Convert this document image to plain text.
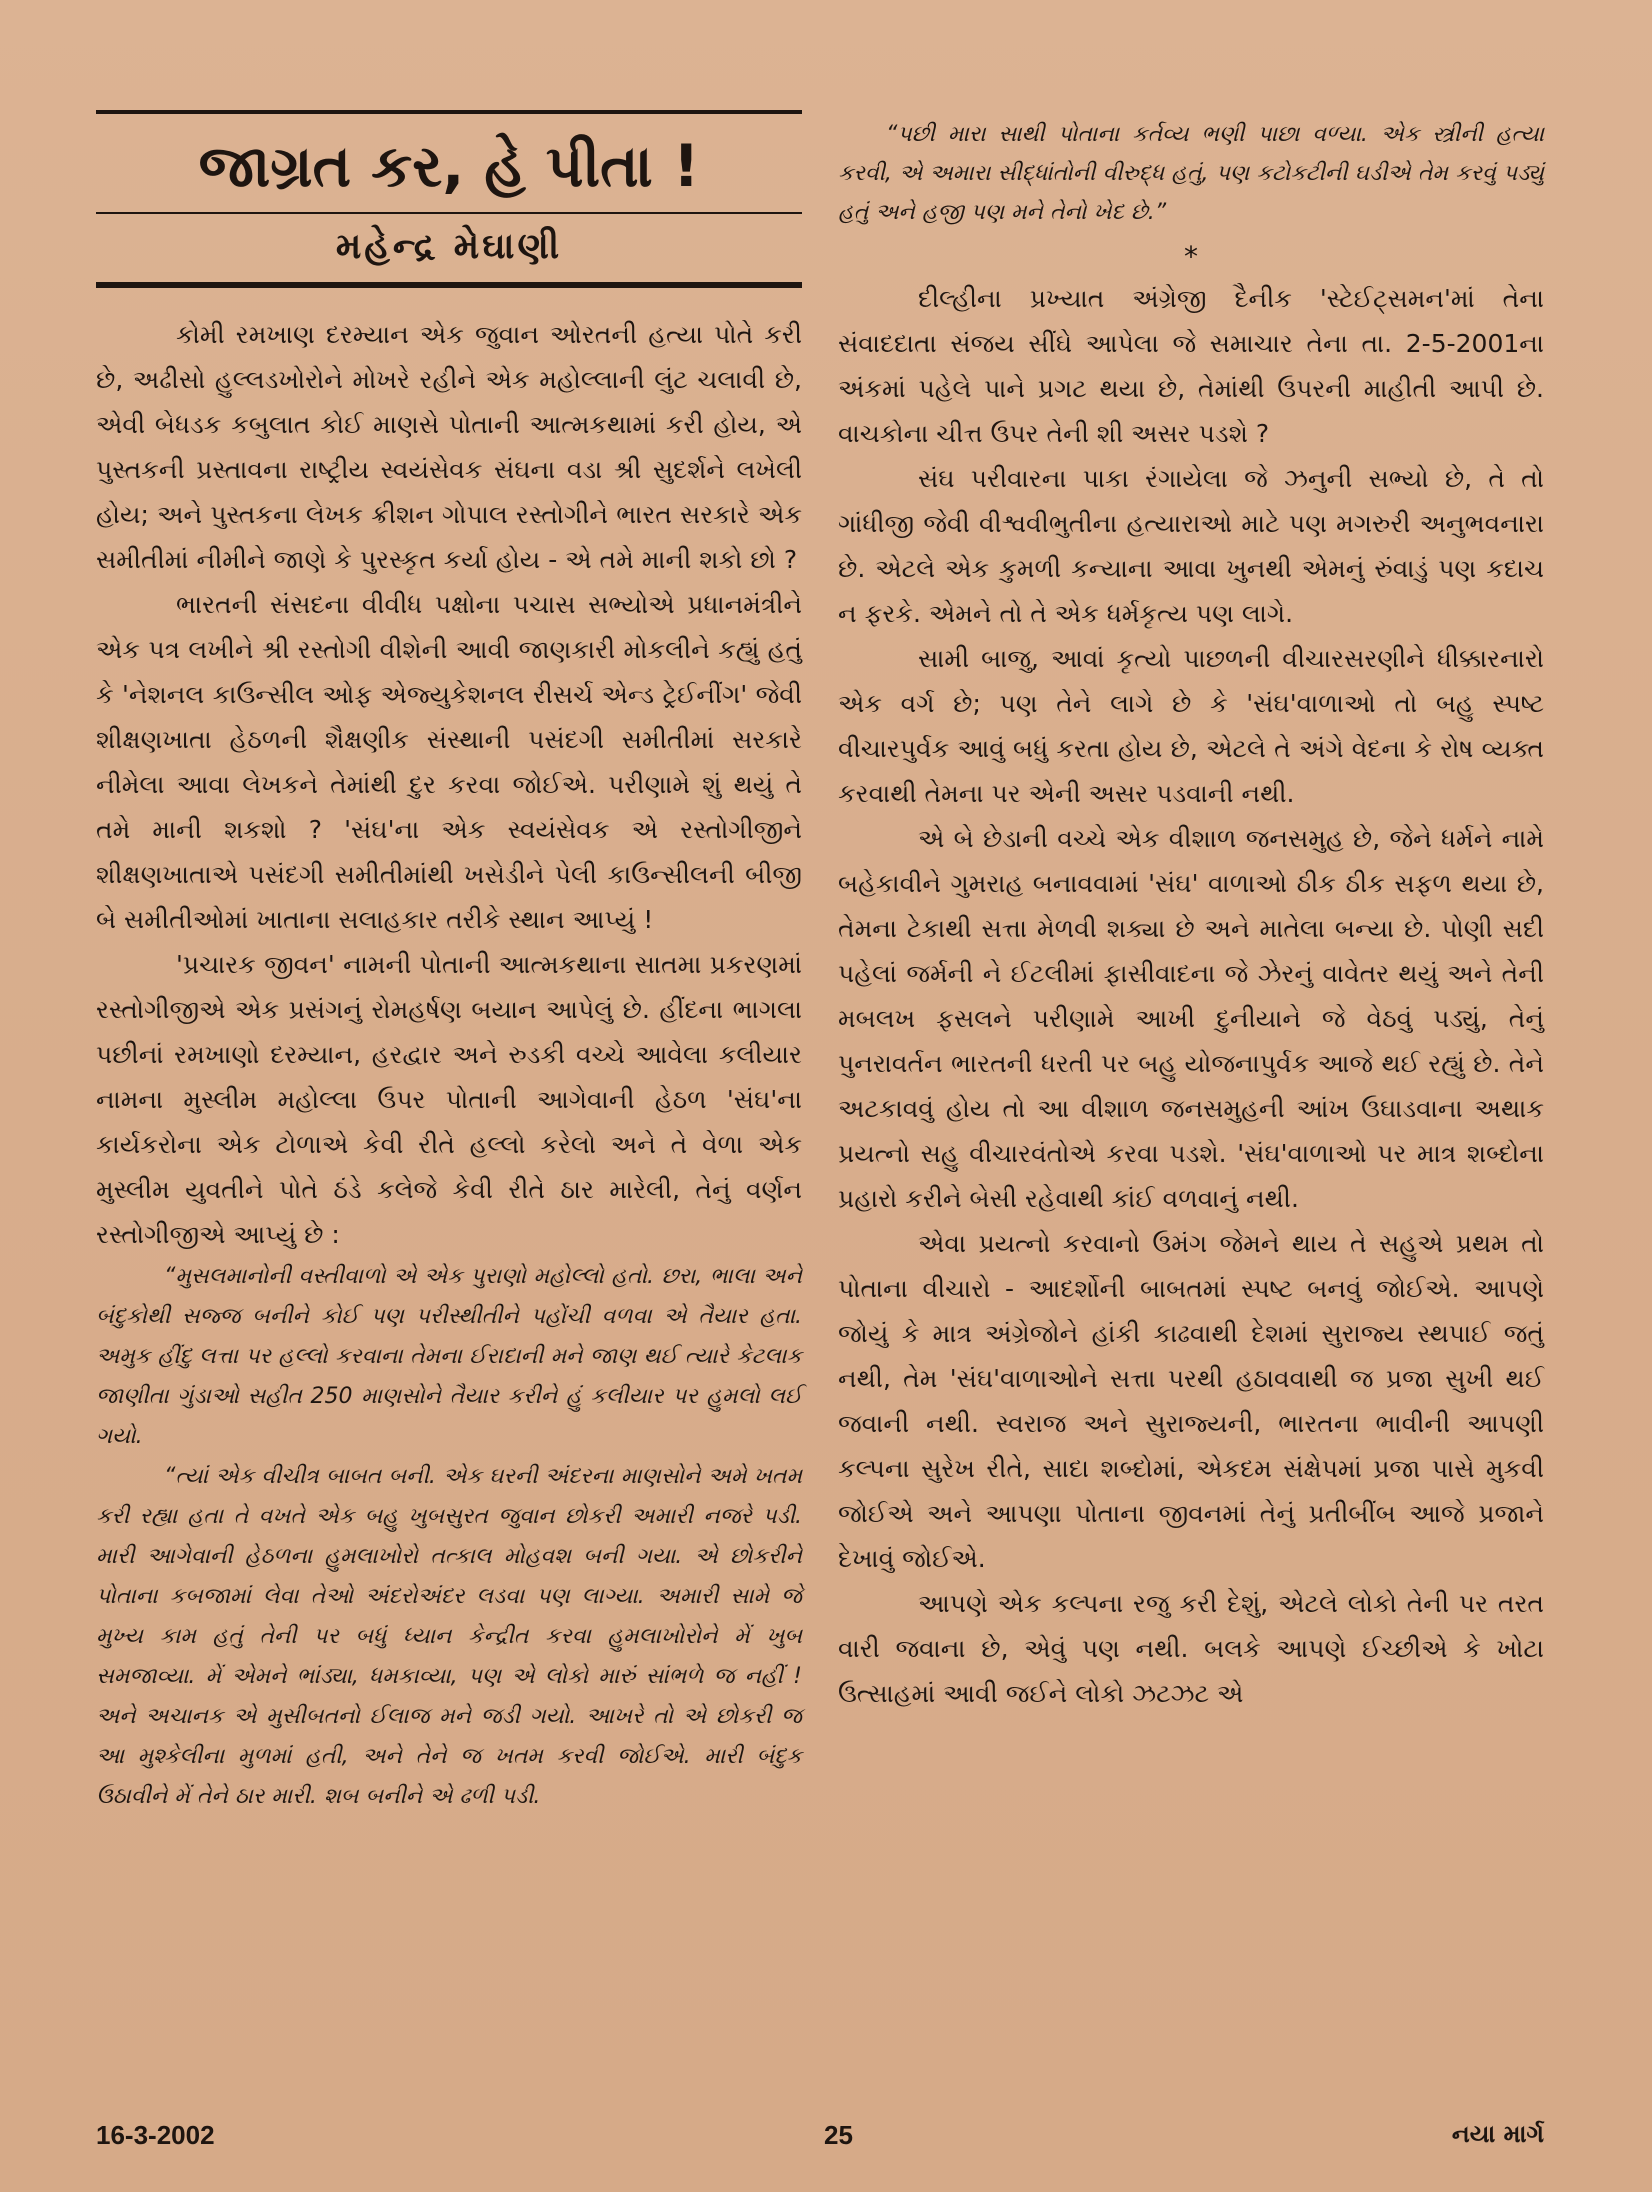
જાગ્રત કર, હે પીતા !
મહેન્દ્ર મેઘાણી

કોમી રમખાણ દરમ્યાન એક જુવાન ઓરતની હત્યા પોતે કરી છે, અઢીસો હુલ્લડખોરોને મોખરે રહીને એક મહોલ્લાની લુંટ ચલાવી છે, એવી બેધડક કબુલાત કોઈ માણસે પોતાની આત્મકથામાં કરી હોય, એ પુસ્તકની પ્રસ્તાવના રાષ્ટ્રીય સ્વયંસેવક સંઘના વડા શ્રી સુદર્શને લખેલી હોય; અને પુસ્તકના લેખક ક્રીશન ગોપાલ રસ્તોગીને ભારત સરકારે એક સમીતીમાં નીમીને જાણે કે પુરસ્કૃત કર્યા હોય - એ તમે માની શકો છો ?

ભારતની સંસદના વીવીધ પક્ષોના પચાસ સભ્યોએ પ્રધાનમંત્રીને એક પત્ર લખીને શ્રી રસ્તોગી વીશેની આવી જાણકારી મોકલીને કહ્યું હતું કે 'નેશનલ કાઉન્સીલ ઓફ એજ્યુકેશનલ રીસર્ચ એન્ડ ટ્રેઈનીંગ' જેવી શીક્ષણખાતા હેઠળની શૈક્ષણીક સંસ્થાની પસંદગી સમીતીમાં સરકારે નીમેલા આવા લેખકને તેમાંથી દુર કરવા જોઈએ. પરીણામે શું થયું તે તમે માની શકશો ? 'સંઘ'ના એક સ્વયંસેવક એ રસ્તોગીજીને શીક્ષણખાતાએ પસંદગી સમીતીમાંથી ખસેડીને પેલી કાઉન્સીલની બીજી બે સમીતીઓમાં ખાતાના સલાહકાર તરીકે સ્થાન આપ્યું !

'પ્રચારક જીવન' નામની પોતાની આત્મકથાના સાતમા પ્રકરણમાં રસ્તોગીજીએ એક પ્રસંગનું રોમહર્ષણ બયાન આપેલું છે. હીંદના ભાગલા પછીનાં રમખાણો દરમ્યાન, હરદ્વાર અને રુડકી વચ્ચે આવેલા કલીયાર નામના મુસ્લીમ મહોલ્લા ઉપર પોતાની આગેવાની હેઠળ 'સંઘ'ના કાર્યકરોના એક ટોળાએ કેવી રીતે હલ્લો કરેલો અને તે વેળા એક મુસ્લીમ યુવતીને પોતે ઠંડે કલેજે કેવી રીતે ઠાર મારેલી, તેનું વર્ણન રસ્તોગીજીએ આપ્યું છે :

“મુસલમાનોની વસ્તીવાળો એ એક પુરાણો મહોલ્લો હતો. છરા, ભાલા અને બંદુકોથી સજ્જ બનીને કોઈ પણ પરીસ્થીતીને પહોંચી વળવા એ તૈયાર હતા. અમુક હીંદુ લત્તા પર હલ્લો કરવાના તેમના ઈરાદાની મને જાણ થઈ ત્યારે કેટલાક જાણીતા ગુંડાઓ સહીત 250 માણસોને તૈયાર કરીને હું કલીયાર પર હુમલો લઈ ગયો.

“ત્યાં એક વીચીત્ર બાબત બની. એક ઘરની અંદરના માણસોને અમે ખતમ કરી રહ્યા હતા તે વખતે એક બહુ ખુબસુરત જુવાન છોકરી અમારી નજરે પડી. મારી આગેવાની હેઠળના હુમલાખોરો તત્કાલ મોહવશ બની ગયા. એ છોકરીને પોતાના કબજામાં લેવા તેઓ અંદરોઅંદર લડવા પણ લાગ્યા. અમારી સામે જે મુખ્ય કામ હતું તેની પર બધું ધ્યાન કેન્દ્રીત કરવા હુમલાખોરોને મેં ખુબ સમજાવ્યા. મેં એમને ભાંડ્યા, ધમકાવ્યા, પણ એ લોકો મારું સાંભળે જ નહીં ! અને અચાનક એ મુસીબતનો ઈલાજ મને જડી ગયો. આખરે તો એ છોકરી જ આ મુશ્કેલીના મુળમાં હતી, અને તેને જ ખતમ કરવી જોઈએ. મારી બંદુક ઉઠાવીને મેં તેને ઠાર મારી. શબ બનીને એ ઢળી પડી.

“પછી મારા સાથી પોતાના કર્તવ્ય ભણી પાછા વળ્યા. એક સ્ત્રીની હત્યા કરવી, એ અમારા સીદ્ધાંતોની વીરુદ્ધ હતું, પણ કટોકટીની ઘડીએ તેમ કરવું પડ્યું હતું અને હજી પણ મને તેનો ખેદ છે.”

*

દીલ્હીના પ્રખ્યાત અંગ્રેજી દૈનીક 'સ્ટેઈટ્સમન'માં તેના સંવાદદાતા સંજય સીંઘે આપેલા જે સમાચાર તેના તા. 2-5-2001ના અંકમાં પહેલે પાને પ્રગટ થયા છે, તેમાંથી ઉપરની માહીતી આપી છે. વાચકોના ચીત્ત ઉપર તેની શી અસર પડશે ?

સંઘ પરીવારના પાકા રંગાયેલા જે ઝનુની સભ્યો છે, તે તો ગાંધીજી જેવી વીશ્વવીભુતીના હત્યારાઓ માટે પણ મગરુરી અનુભવનારા છે. એટલે એક કુમળી કન્યાના આવા ખુનથી એમનું રુંવાડું પણ કદાચ ન ફરકે. એમને તો તે એક ધર્મકૃત્ય પણ લાગે.

સામી બાજુ, આવાં કૃત્યો પાછળની વીચારસરણીને ધીક્કારનારો એક વર્ગ છે; પણ તેને લાગે છે કે 'સંઘ'વાળાઓ તો બહુ સ્પષ્ટ વીચારપુર્વક આવું બધું કરતા હોય છે, એટલે તે અંગે વેદના કે રોષ વ્યક્ત કરવાથી તેમના પર એની અસર પડવાની નથી.

એ બે છેડાની વચ્ચે એક વીશાળ જનસમુહ છે, જેને ધર્મને નામે બહેકાવીને ગુમરાહ બનાવવામાં 'સંઘ' વાળાઓ ઠીક ઠીક સફળ થયા છે, તેમના ટેકાથી સત્તા મેળવી શક્યા છે અને માતેલા બન્યા છે. પોણી સદી પહેલાં જર્મની ને ઈટલીમાં ફાસીવાદના જે ઝેરનું વાવેતર થયું અને તેની મબલખ ફસલને પરીણામે આખી દુનીયાને જે વેઠવું પડ્યું, તેનું પુનરાવર્તન ભારતની ધરતી પર બહુ યોજનાપુર્વક આજે થઈ રહ્યું છે. તેને અટકાવવું હોય તો આ વીશાળ જનસમુહની આંખ ઉઘાડવાના અથાક પ્રયત્નો સહુ વીચારવંતોએ કરવા પડશે. 'સંઘ'વાળાઓ પર માત્ર શબ્દોના પ્રહારો કરીને બેસી રહેવાથી કાંઈ વળવાનું નથી.

એવા પ્રયત્નો કરવાનો ઉમંગ જેમને થાય તે સહુએ પ્રથમ તો પોતાના વીચારો - આદર્શોની બાબતમાં સ્પષ્ટ બનવું જોઈએ. આપણે જોયું કે માત્ર અંગ્રેજોને હાંકી કાઢવાથી દેશમાં સુરાજ્ય સ્થપાઈ જતું નથી, તેમ 'સંઘ'વાળાઓને સત્તા પરથી હઠાવવાથી જ પ્રજા સુખી થઈ જવાની નથી. સ્વરાજ અને સુરાજ્યની, ભારતના ભાવીની આપણી કલ્પના સુરેખ રીતે, સાદા શબ્દોમાં, એકદમ સંક્ષેપમાં પ્રજા પાસે મુકવી જોઈએ અને આપણા પોતાના જીવનમાં તેનું પ્રતીબીંબ આજે પ્રજાને દેખાવું જોઈએ.

આપણે એક કલ્પના રજુ કરી દેશું, એટલે લોકો તેની પર તરત વારી જવાના છે, એવું પણ નથી. બલકે આપણે ઈચ્છીએ કે ખોટા ઉત્સાહમાં આવી જઈને લોકો ઝટઝટ એ

16-3-2002	25	નયા માર્ગ
